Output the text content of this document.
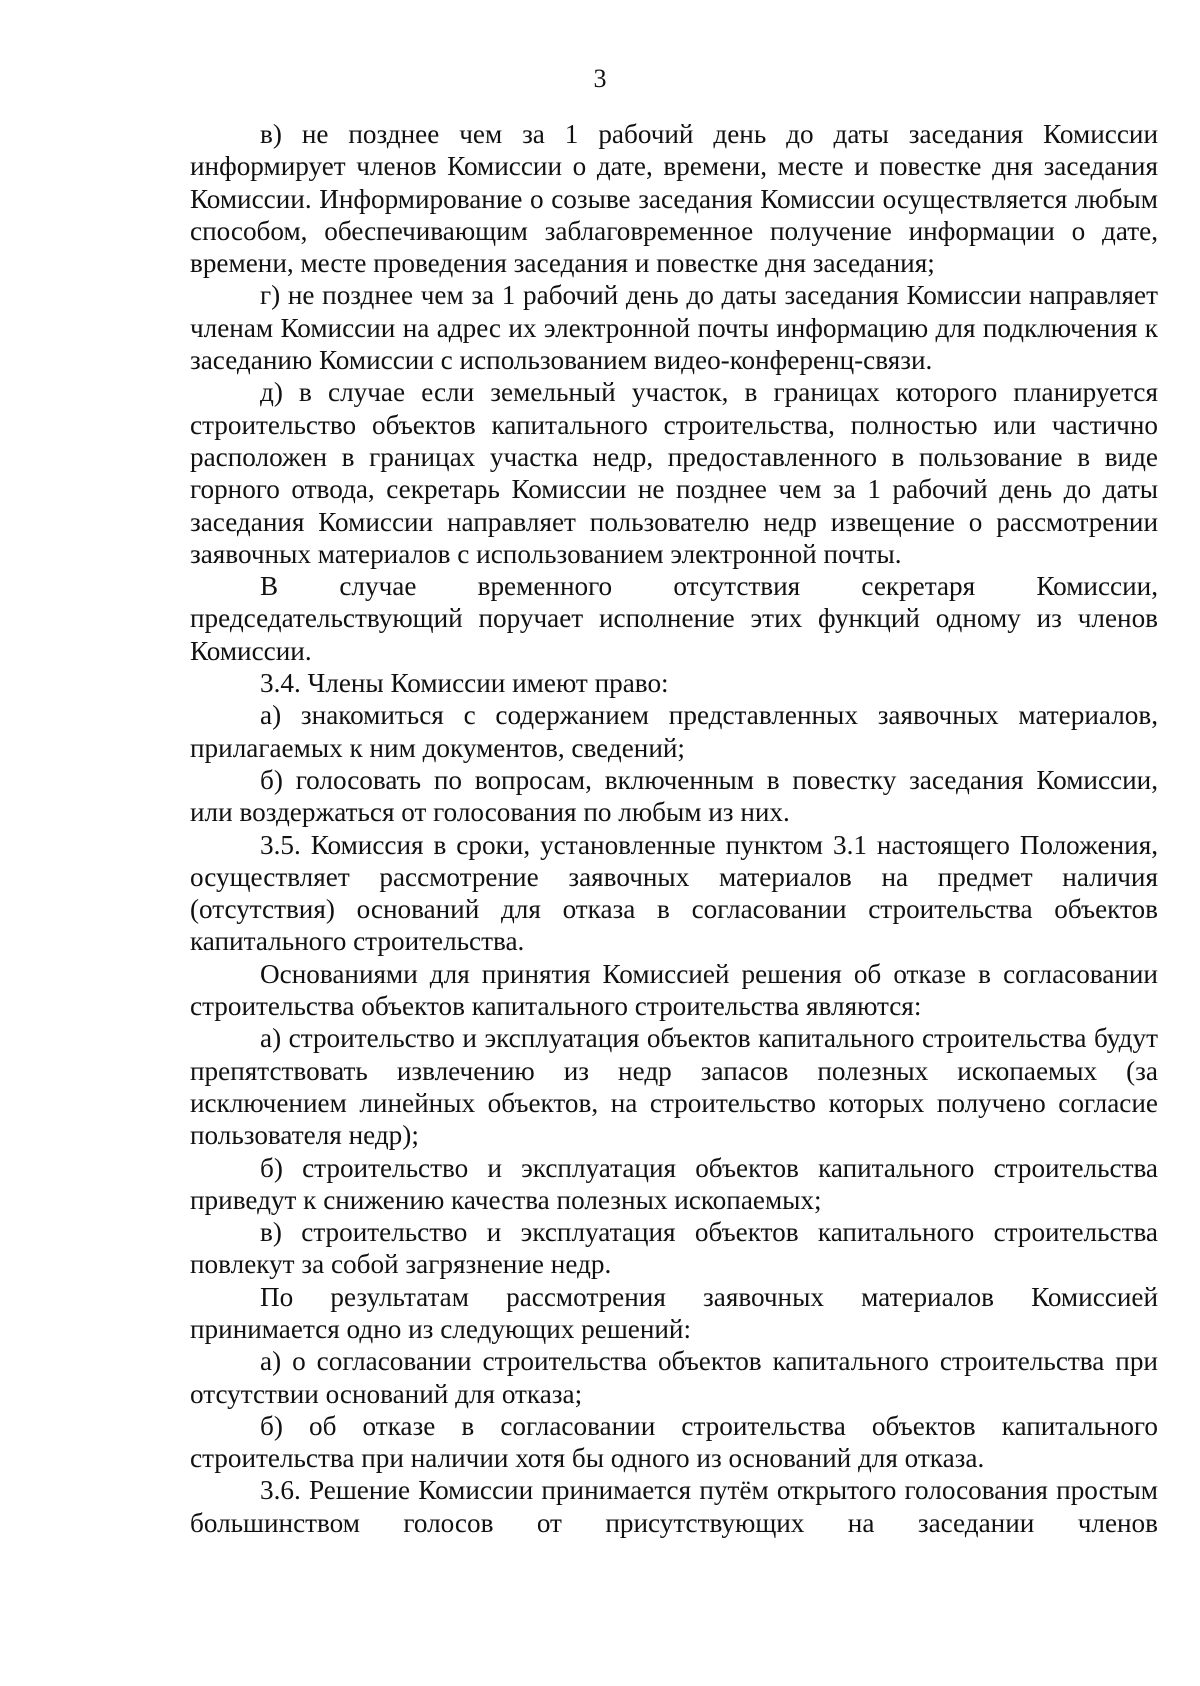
3

в) не позднее чем за 1 рабочий день до даты заседания Комиссии информирует членов Комиссии о дате, времени, месте и повестке дня заседания Комиссии. Информирование о созыве заседания Комиссии осуществляется любым способом, обеспечивающим заблаговременное получение информации о дате, времени, месте проведения заседания и повестке дня заседания;

г) не позднее чем за 1 рабочий день до даты заседания Комиссии направляет членам Комиссии на адрес их электронной почты информацию для подключения к заседанию Комиссии с использованием видео-конференц-связи.

д) в случае если земельный участок, в границах которого планируется строительство объектов капитального строительства, полностью или частично расположен в границах участка недр, предоставленного в пользование в виде горного отвода, секретарь Комиссии не позднее чем за 1 рабочий день до даты заседания Комиссии направляет пользователю недр извещение о рассмотрении заявочных материалов с использованием электронной почты.

В случае временного отсутствия секретаря Комиссии, председательствующий поручает исполнение этих функций одному из членов Комиссии.

3.4. Члены Комиссии имеют право:

а) знакомиться с содержанием представленных заявочных материалов, прилагаемых к ним документов, сведений;

б) голосовать по вопросам, включенным в повестку заседания Комиссии, или воздержаться от голосования по любым из них.

3.5. Комиссия в сроки, установленные пунктом 3.1 настоящего Положения, осуществляет рассмотрение заявочных материалов на предмет наличия (отсутствия) оснований для отказа в согласовании строительства объектов капитального строительства.

Основаниями для принятия Комиссией решения об отказе в согласовании строительства объектов капитального строительства являются:

а) строительство и эксплуатация объектов капитального строительства будут препятствовать извлечению из недр запасов полезных ископаемых (за исключением линейных объектов, на строительство которых получено согласие пользователя недр);

б) строительство и эксплуатация объектов капитального строительства приведут к снижению качества полезных ископаемых;

в) строительство и эксплуатация объектов капитального строительства повлекут за собой загрязнение недр.

По результатам рассмотрения заявочных материалов Комиссией принимается одно из следующих решений:

а) о согласовании строительства объектов капитального строительства при отсутствии оснований для отказа;

б) об отказе в согласовании строительства объектов капитального строительства при наличии хотя бы одного из оснований для отказа.

3.6. Решение Комиссии принимается путём открытого голосования простым большинством голосов от присутствующих на заседании членов
